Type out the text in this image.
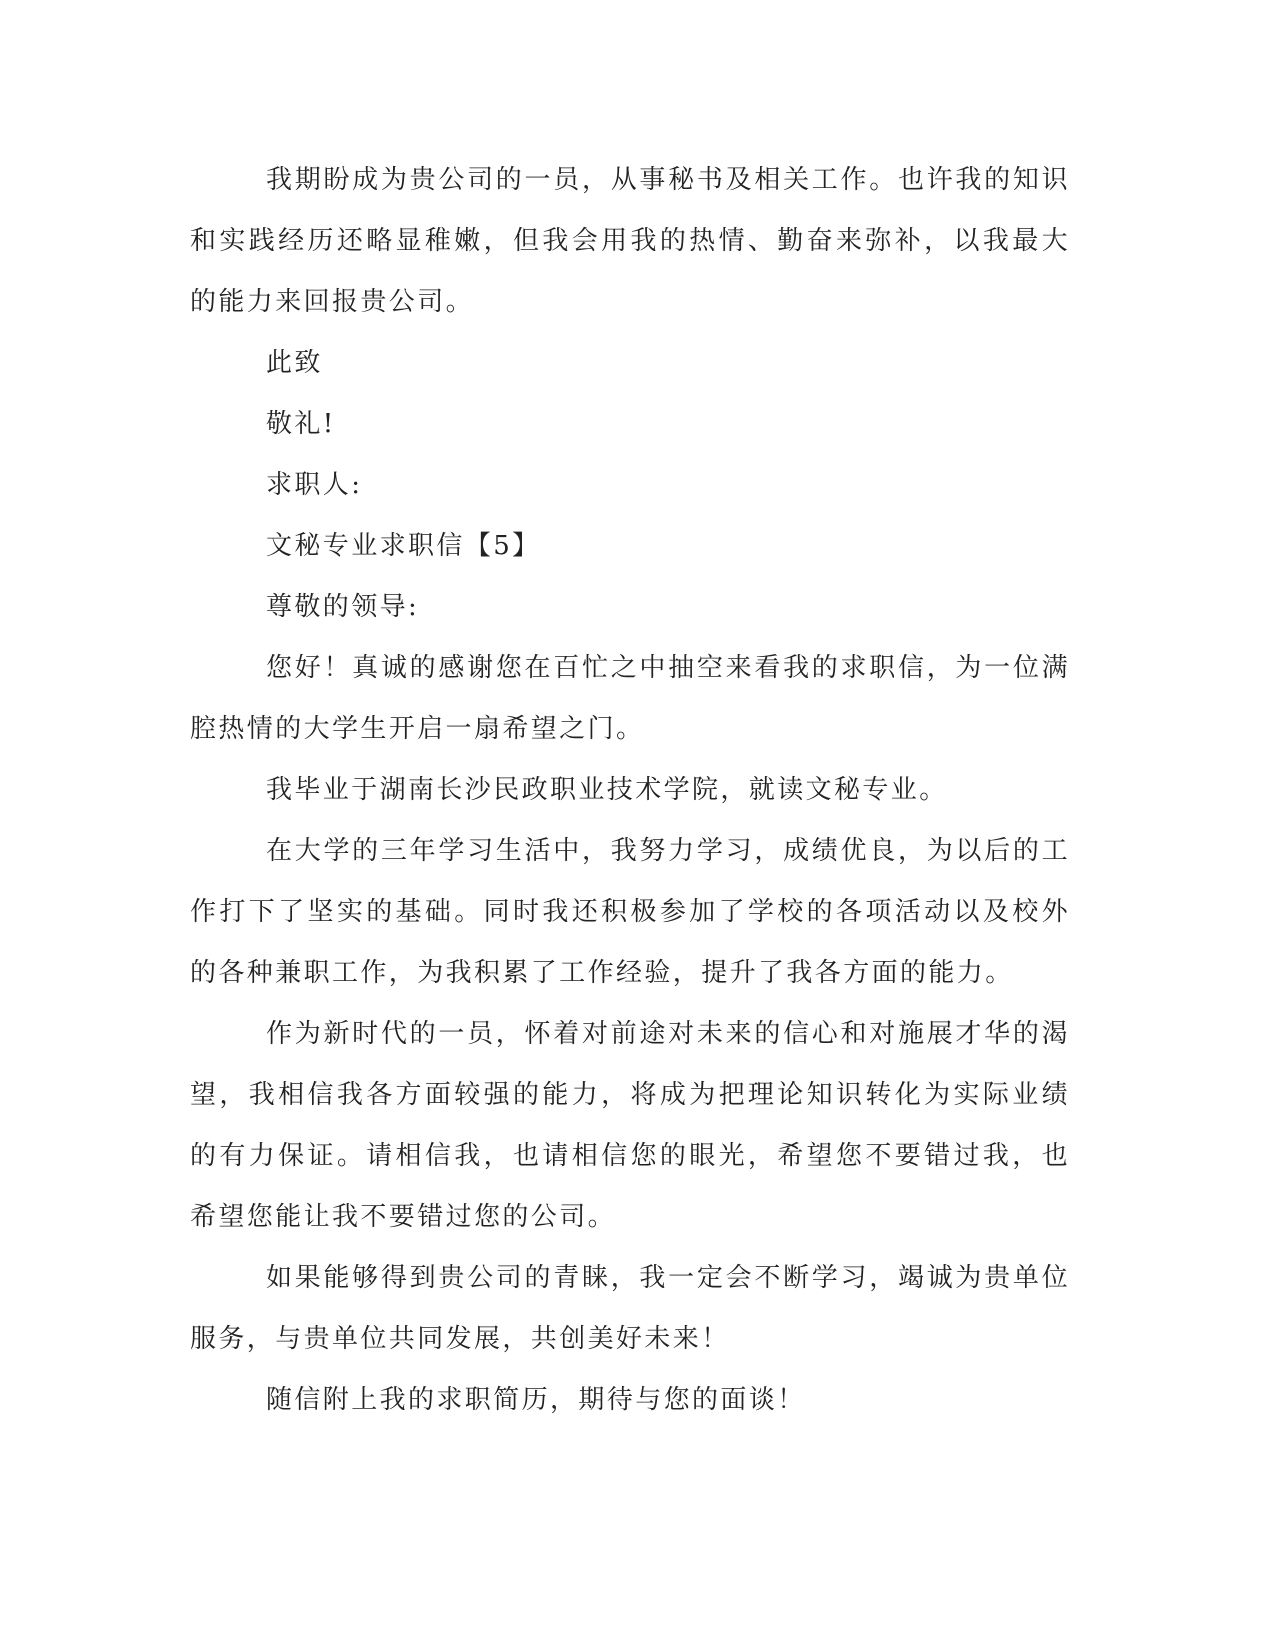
我期盼成为贵公司的一员，从事秘书及相关工作。也许我的知识和实践经历还略显稚嫩，但我会用我的热情、勤奋来弥补，以我最大的能力来回报贵公司。

此致

敬礼!

求职人:

文秘专业求职信【5】

尊敬的领导:

您好！真诚的感谢您在百忙之中抽空来看我的求职信，为一位满腔热情的大学生开启一扇希望之门。

我毕业于湖南长沙民政职业技术学院，就读文秘专业。

在大学的三年学习生活中，我努力学习，成绩优良，为以后的工作打下了坚实的基础。同时我还积极参加了学校的各项活动以及校外的各种兼职工作，为我积累了工作经验，提升了我各方面的能力。

作为新时代的一员，怀着对前途对未来的信心和对施展才华的渴望，我相信我各方面较强的能力，将成为把理论知识转化为实际业绩的有力保证。请相信我，也请相信您的眼光，希望您不要错过我，也希望您能让我不要错过您的公司。

如果能够得到贵公司的青睐，我一定会不断学习，竭诚为贵单位服务，与贵单位共同发展，共创美好未来！

随信附上我的求职简历，期待与您的面谈！
